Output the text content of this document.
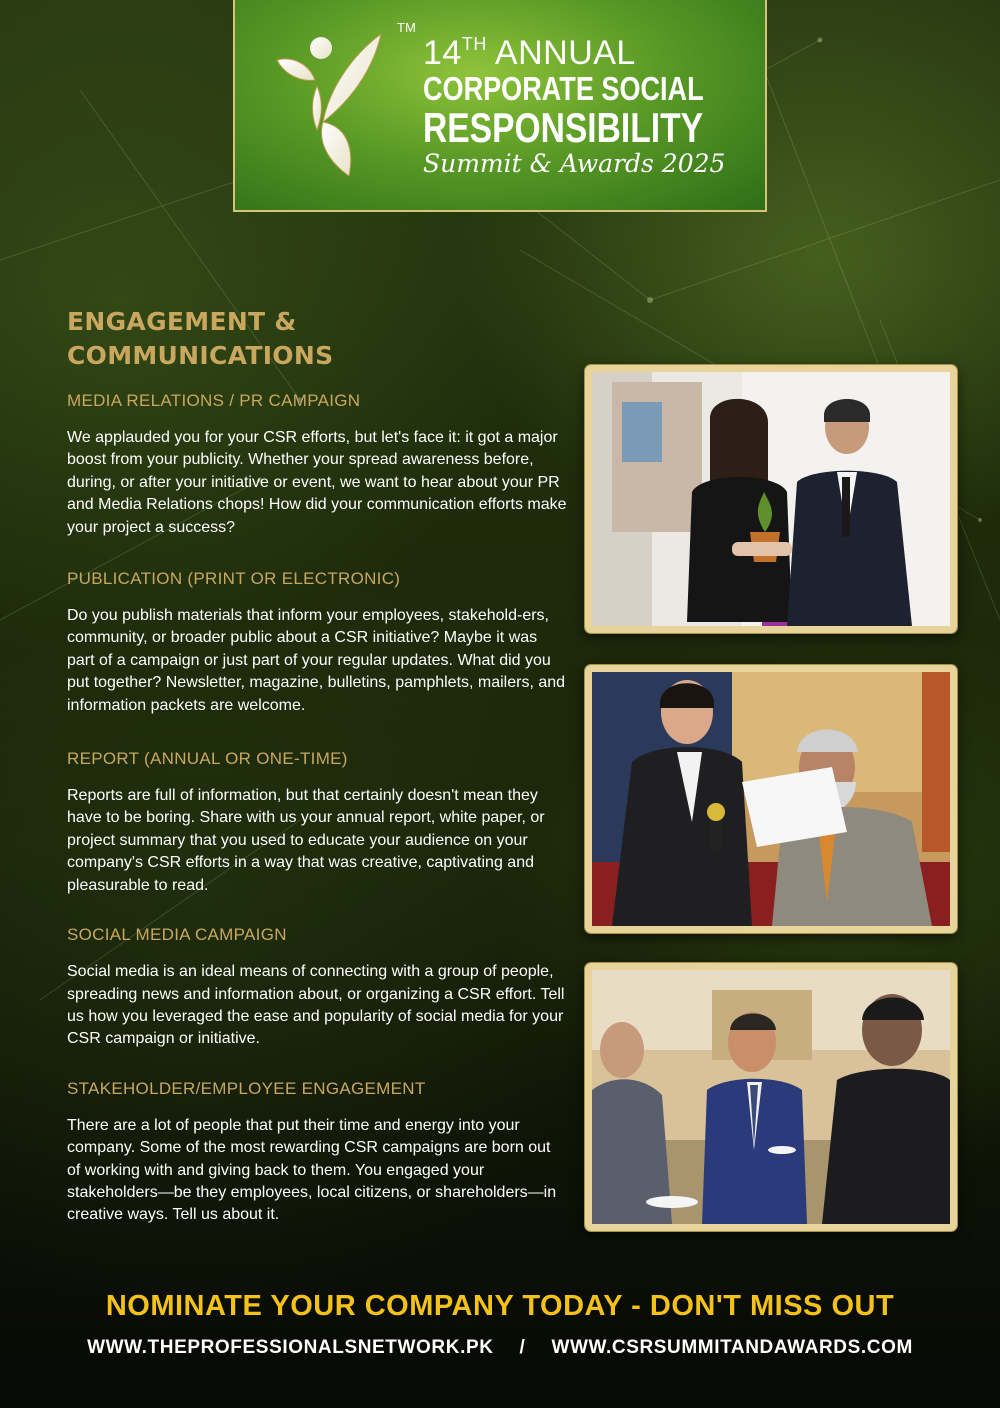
TM
14TH ANNUAL
CORPORATE SOCIAL
RESPONSIBILITY
Summit & Awards 2025
ENGAGEMENT &
COMMUNICATIONS
MEDIA RELATIONS / PR CAMPAIGN

We applauded you for your CSR efforts, but let's face it: it got a major boost from your publicity. Whether your spread awareness before, during, or after your initiative or event, we want to hear about your PR and Media Relations chops! How did your communication efforts make your project a success?

PUBLICATION (PRINT OR ELECTRONIC)

Do you publish materials that inform your employees, stakehold-ers, community, or broader public about a CSR initiative? Maybe it was part of a campaign or just part of your regular updates. What did you put together? Newsletter, magazine, bulletins, pamphlets, mailers, and information packets are welcome.

REPORT (ANNUAL OR ONE-TIME)

Reports are full of information, but that certainly doesn't mean they have to be boring. Share with us your annual report, white paper, or project summary that you used to educate your audience on your company's CSR efforts in a way that was creative, captivating and pleasurable to read.

SOCIAL MEDIA CAMPAIGN

Social media is an ideal means of connecting with a group of people, spreading news and information about, or organizing a CSR effort. Tell us how you leveraged the ease and popularity of social media for your CSR campaign or initiative.

STAKEHOLDER/EMPLOYEE ENGAGEMENT

There are a lot of people that put their time and energy into your company. Some of the most rewarding CSR campaigns are born out of working with and giving back to them. You engaged your stakeholders—be they employees, local citizens, or shareholders—in creative ways. Tell us about it.

NOMINATE YOUR COMPANY TODAY - DON'T MISS OUT
WWW.THEPROFESSIONALSNETWORK.PK / WWW.CSRSUMMITANDAWARDS.COM
